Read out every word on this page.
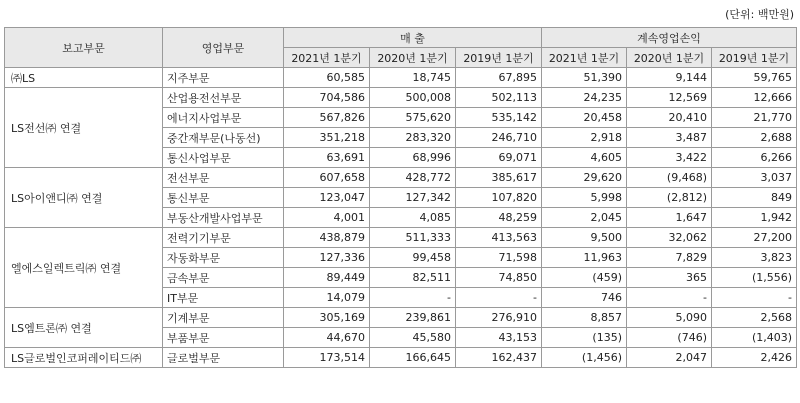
(단위: 백만원)
보고부문	영업부문	매 출			계속영업손익		
		2021년 1분기	2020년 1분기	2019년 1분기	2021년 1분기	2020년 1분기	2019년 1분기
㈜LS	지주부문	60,585	18,745	67,895	51,390	9,144	59,765
LS전선㈜ 연결	산업용전선부문	704,586	500,008	502,113	24,235	12,569	12,666
	에너지사업부문	567,826	575,620	535,142	20,458	20,410	21,770
	중간재부문(나동선)	351,218	283,320	246,710	2,918	3,487	2,688
	통신사업부문	63,691	68,996	69,071	4,605	3,422	6,266
LS아이앤디㈜ 연결	전선부문	607,658	428,772	385,617	29,620	(9,468)	3,037
	통신부문	123,047	127,342	107,820	5,998	(2,812)	849
	부동산개발사업부문	4,001	4,085	48,259	2,045	1,647	1,942
엘에스일렉트릭㈜ 연결	전력기기부문	438,879	511,333	413,563	9,500	32,062	27,200
	자동화부문	127,336	99,458	71,598	11,963	7,829	3,823
	금속부문	89,449	82,511	74,850	(459)	365	(1,556)
	IT부문	14,079	-	-	746	-	-
LS엠트론㈜ 연결	기계부문	305,169	239,861	276,910	8,857	5,090	2,568
	부품부문	44,670	45,580	43,153	(135)	(746)	(1,403)
LS글로벌인코퍼레이티드㈜	글로벌부문	173,514	166,645	162,437	(1,456)	2,047	2,426
